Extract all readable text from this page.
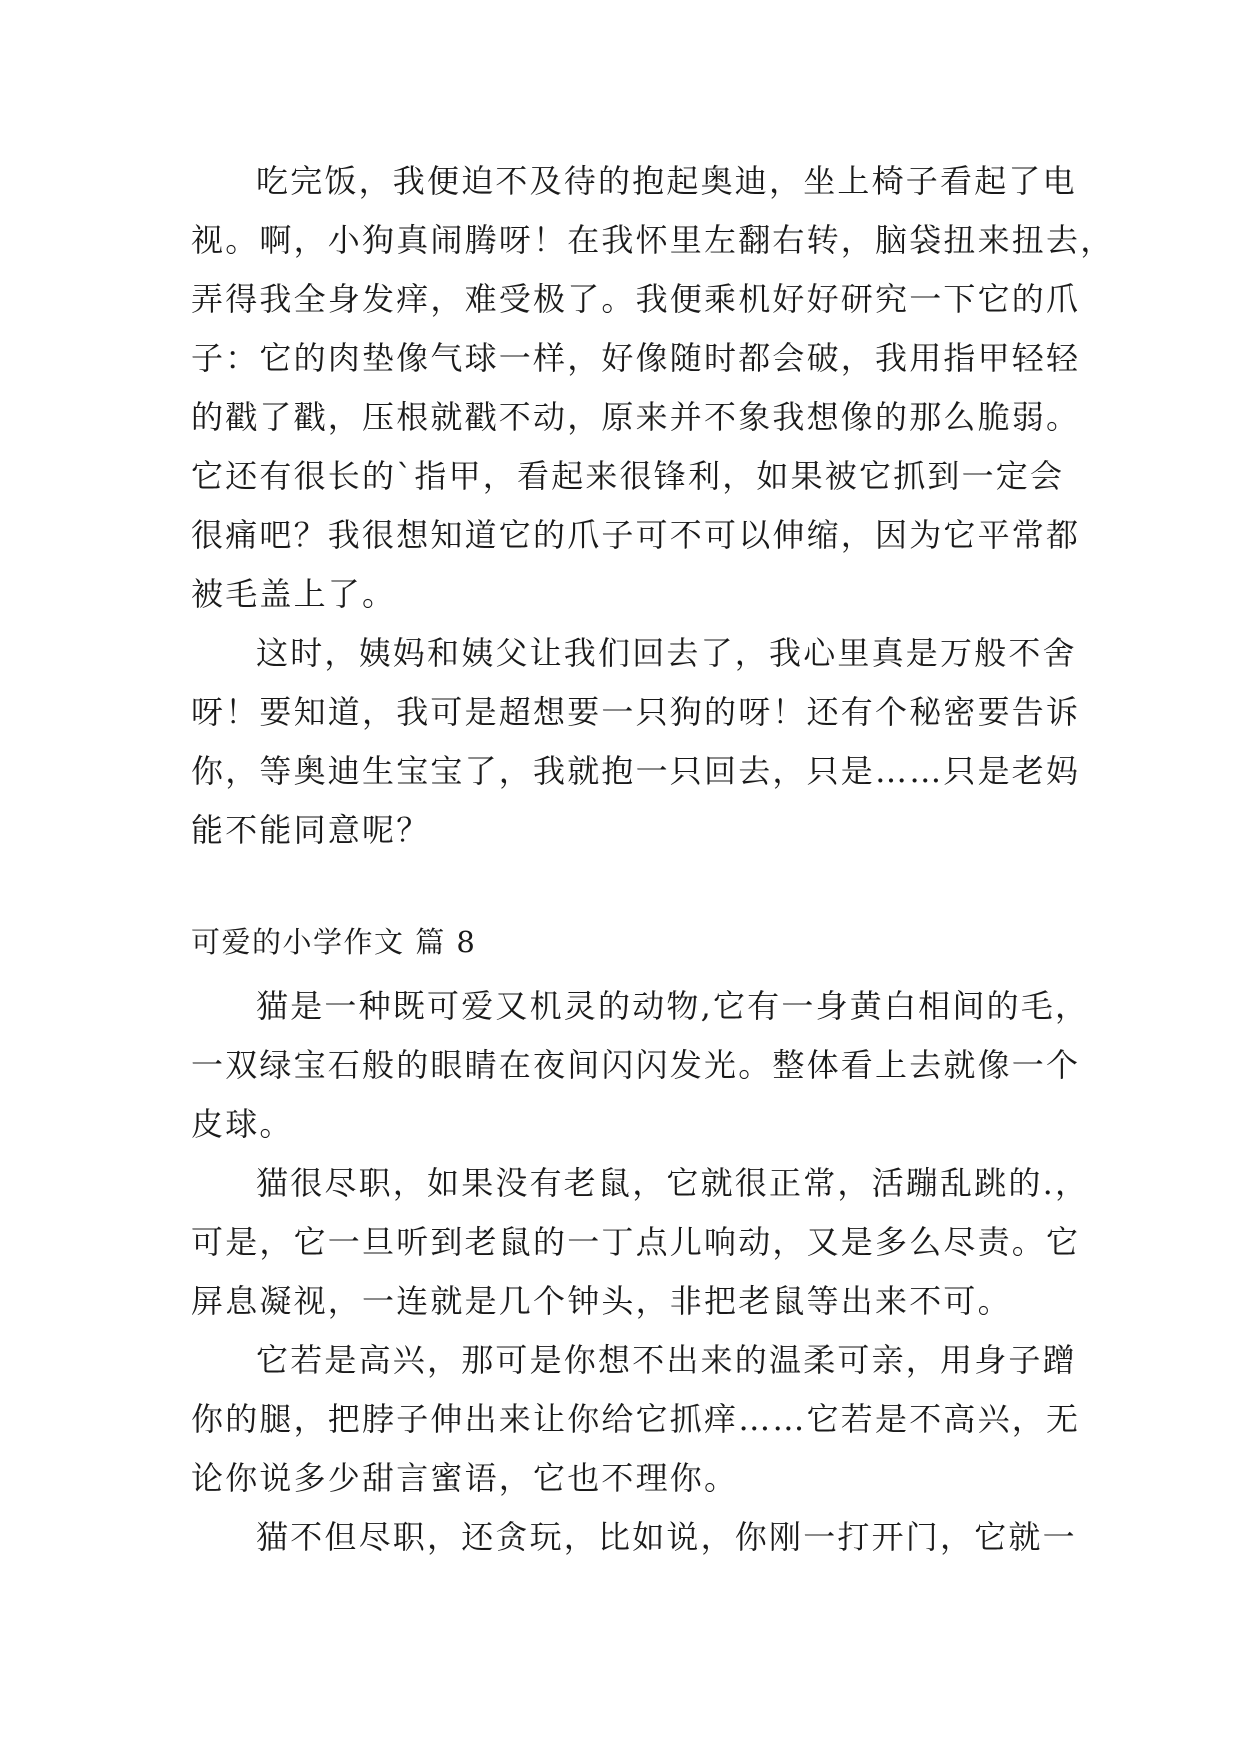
吃完饭，我便迫不及待的抱起奥迪，坐上椅子看起了电
视。啊，小狗真闹腾呀！在我怀里左翻右转，脑袋扭来扭去，
弄得我全身发痒，难受极了。我便乘机好好研究一下它的爪
子：它的肉垫像气球一样，好像随时都会破，我用指甲轻轻
的戳了戳，压根就戳不动，原来并不象我想像的那么脆弱。
它还有很长的`指甲，看起来很锋利，如果被它抓到一定会
很痛吧？我很想知道它的爪子可不可以伸缩，因为它平常都
被毛盖上了。
这时，姨妈和姨父让我们回去了，我心里真是万般不舍
呀！要知道，我可是超想要一只狗的呀！还有个秘密要告诉
你，等奥迪生宝宝了，我就抱一只回去，只是……只是老妈
能不能同意呢？
可爱的小学作文 篇 8
猫是一种既可爱又机灵的动物,它有一身黄白相间的毛，
一双绿宝石般的眼睛在夜间闪闪发光。整体看上去就像一个
皮球。
猫很尽职，如果没有老鼠，它就很正常，活蹦乱跳的.，
可是，它一旦听到老鼠的一丁点儿响动，又是多么尽责。它
屏息凝视，一连就是几个钟头，非把老鼠等出来不可。
它若是高兴，那可是你想不出来的温柔可亲，用身子蹭
你的腿，把脖子伸出来让你给它抓痒……它若是不高兴，无
论你说多少甜言蜜语，它也不理你。
猫不但尽职，还贪玩，比如说，你刚一打开门，它就一
